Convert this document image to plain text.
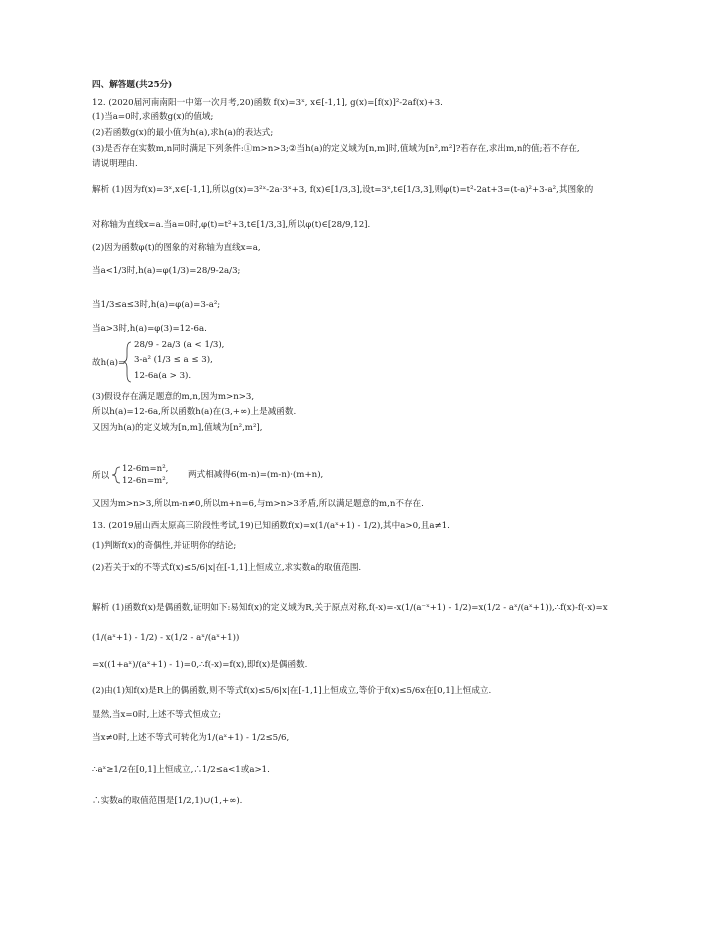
四、解答题(共25分)
12. (2020届河南南阳一中第一次月考,20)函数 f(x)=3ˣ, x∈[-1,1], g(x)=[f(x)]²-2af(x)+3.
(1)当a=0时,求函数g(x)的值域;
(2)若函数g(x)的最小值为h(a),求h(a)的表达式;
(3)是否存在实数m,n同时满足下列条件:①m>n>3;②当h(a)的定义域为[n,m]时,值域为[n²,m²]?若存在,求出m,n的值;若不存在,
请说明理由.
解析 (1)因为f(x)=3ˣ,x∈[-1,1],所以g(x)=3²ˣ-2a·3ˣ+3, f(x)∈[1/3,3],设t=3ˣ,t∈[1/3,3],则φ(t)=t²-2at+3=(t-a)²+3-a²,其图象的
对称轴为直线x=a.当a=0时,φ(t)=t²+3,t∈[1/3,3],所以φ(t)∈[28/9,12].
(2)因为函数φ(t)的图象的对称轴为直线x=a,
当a<1/3时,h(a)=φ(1/3)=28/9-2a/3;
当1/3≤a≤3时,h(a)=φ(a)=3-a²;
当a>3时,h(a)=φ(3)=12-6a.
故h(a)=
28/9 - 2a/3 (a < 1/3),
3-a² (1/3 ≤ a ≤ 3),
12-6a(a > 3).
(3)假设存在满足题意的m,n,因为m>n>3,
所以h(a)=12-6a,所以函数h(a)在(3,+∞)上是减函数.
又因为h(a)的定义域为[n,m],值域为[n²,m²],
所以
12-6m=n²,
12-6n=m²,
两式相减得6(m-n)=(m-n)·(m+n),
又因为m>n>3,所以m-n≠0,所以m+n=6,与m>n>3矛盾,所以满足题意的m,n不存在.
13. (2019届山西太原高三阶段性考试,19)已知函数f(x)=x(1/(aˣ+1) - 1/2),其中a>0,且a≠1.
(1)判断f(x)的奇偶性,并证明你的结论;
(2)若关于x的不等式f(x)≤5/6|x|在[-1,1]上恒成立,求实数a的取值范围.
解析 (1)函数f(x)是偶函数,证明如下:易知f(x)的定义域为R,关于原点对称,f(-x)=-x(1/(a⁻ˣ+1) - 1/2)=x(1/2 - aˣ/(aˣ+1)),∴f(x)-f(-x)=x
(1/(aˣ+1) - 1/2) - x(1/2 - aˣ/(aˣ+1))
=x((1+aˣ)/(aˣ+1) - 1)=0,∴f(-x)=f(x),即f(x)是偶函数.
(2)由(1)知f(x)是R上的偶函数,则不等式f(x)≤5/6|x|在[-1,1]上恒成立,等价于f(x)≤5/6x在[0,1]上恒成立.
显然,当x=0时,上述不等式恒成立;
当x≠0时,上述不等式可转化为1/(aˣ+1) - 1/2≤5/6,
∴aˣ≥1/2在[0,1]上恒成立,∴1/2≤a<1或a>1.
∴实数a的取值范围是[1/2,1)∪(1,+∞).
